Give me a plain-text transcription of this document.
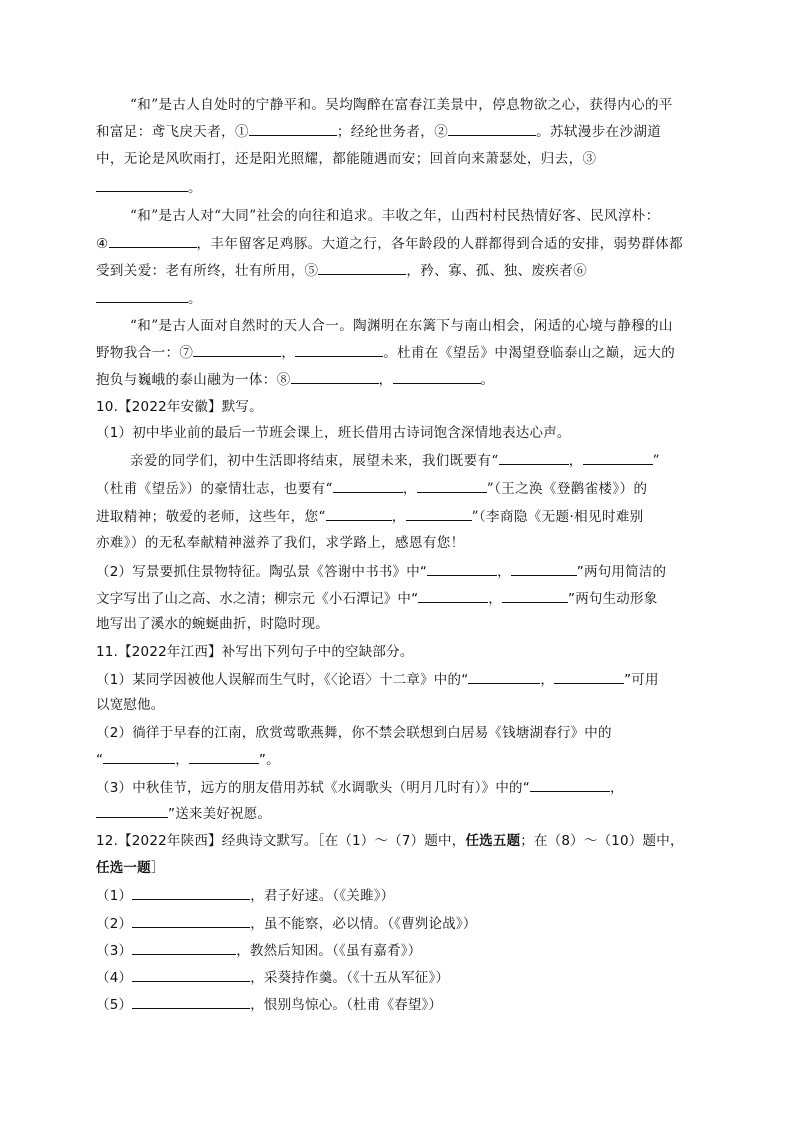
“和”是古人自处时的宁静平和。吴均陶醉在富春江美景中，停息物欲之心，获得内心的平
和富足：鸢飞戾天者，①	；经纶世务者，②	。苏轼漫步在沙湖道
中，无论是风吹雨打，还是阳光照耀，都能随遇而安；回首向来萧瑟处，归去，③
。
“和”是古人对“大同”社会的向往和追求。丰收之年，山西村村民热情好客、民风淳朴：
④	，丰年留客足鸡豚。大道之行，各年龄段的人群都得到合适的安排，弱势群体都
受到关爱：老有所终，壮有所用，⑤	，矜、寡、孤、独、废疾者⑥
。
“和”是古人面对自然时的天人合一。陶渊明在东篱下与南山相会，闲适的心境与静穆的山
野物我合一：⑦	，	。杜甫在《望岳》中渴望登临泰山之巅，远大的
抱负与巍峨的泰山融为一体：⑧	，	。
10.【2022年安徽】默写。
（1）初中毕业前的最后一节班会课上，班长借用古诗词饱含深情地表达心声。
亲爱的同学们，初中生活即将结束，展望未来，我们既要有“	，	”
（杜甫《望岳》）的豪情壮志，也要有“	，	”（王之涣《登鹳雀楼》）的
进取精神；敬爱的老师，这些年，您“	，	”（李商隐《无题·相见时难别
亦难》）的无私奉献精神滋养了我们，求学路上，感恩有您！
（2）写景要抓住景物特征。陶弘景《答谢中书书》中“	，	”两句用简洁的
文字写出了山之高、水之清；柳宗元《小石潭记》中“	，	”两句生动形象
地写出了溪水的蜿蜒曲折，时隐时现。
11.【2022年江西】补写出下列句子中的空缺部分。
（1）某同学因被他人误解而生气时，《〈论语〉十二章》中的“	，	”可用
以宽慰他。
（2）徜徉于早春的江南，欣赏莺歌燕舞，你不禁会联想到白居易《钱塘湖春行》中的
“	，	”。
（3）中秋佳节，远方的朋友借用苏轼《水调歌头（明月几时有）》中的“	，
”送来美好祝愿。
12.【2022年陕西】经典诗文默写。［在（1）～（7）题中，任选五题；在（8）～（10）题中，
任选一题］
（1）	，君子好逑。（《关雎》）
（2）	，虽不能察，必以情。（《曹刿论战》）
（3）	，教然后知困。（《虽有嘉肴》）
（4）	，采葵持作羹。（《十五从军征》）
（5）	，恨别鸟惊心。（杜甫《春望》）
